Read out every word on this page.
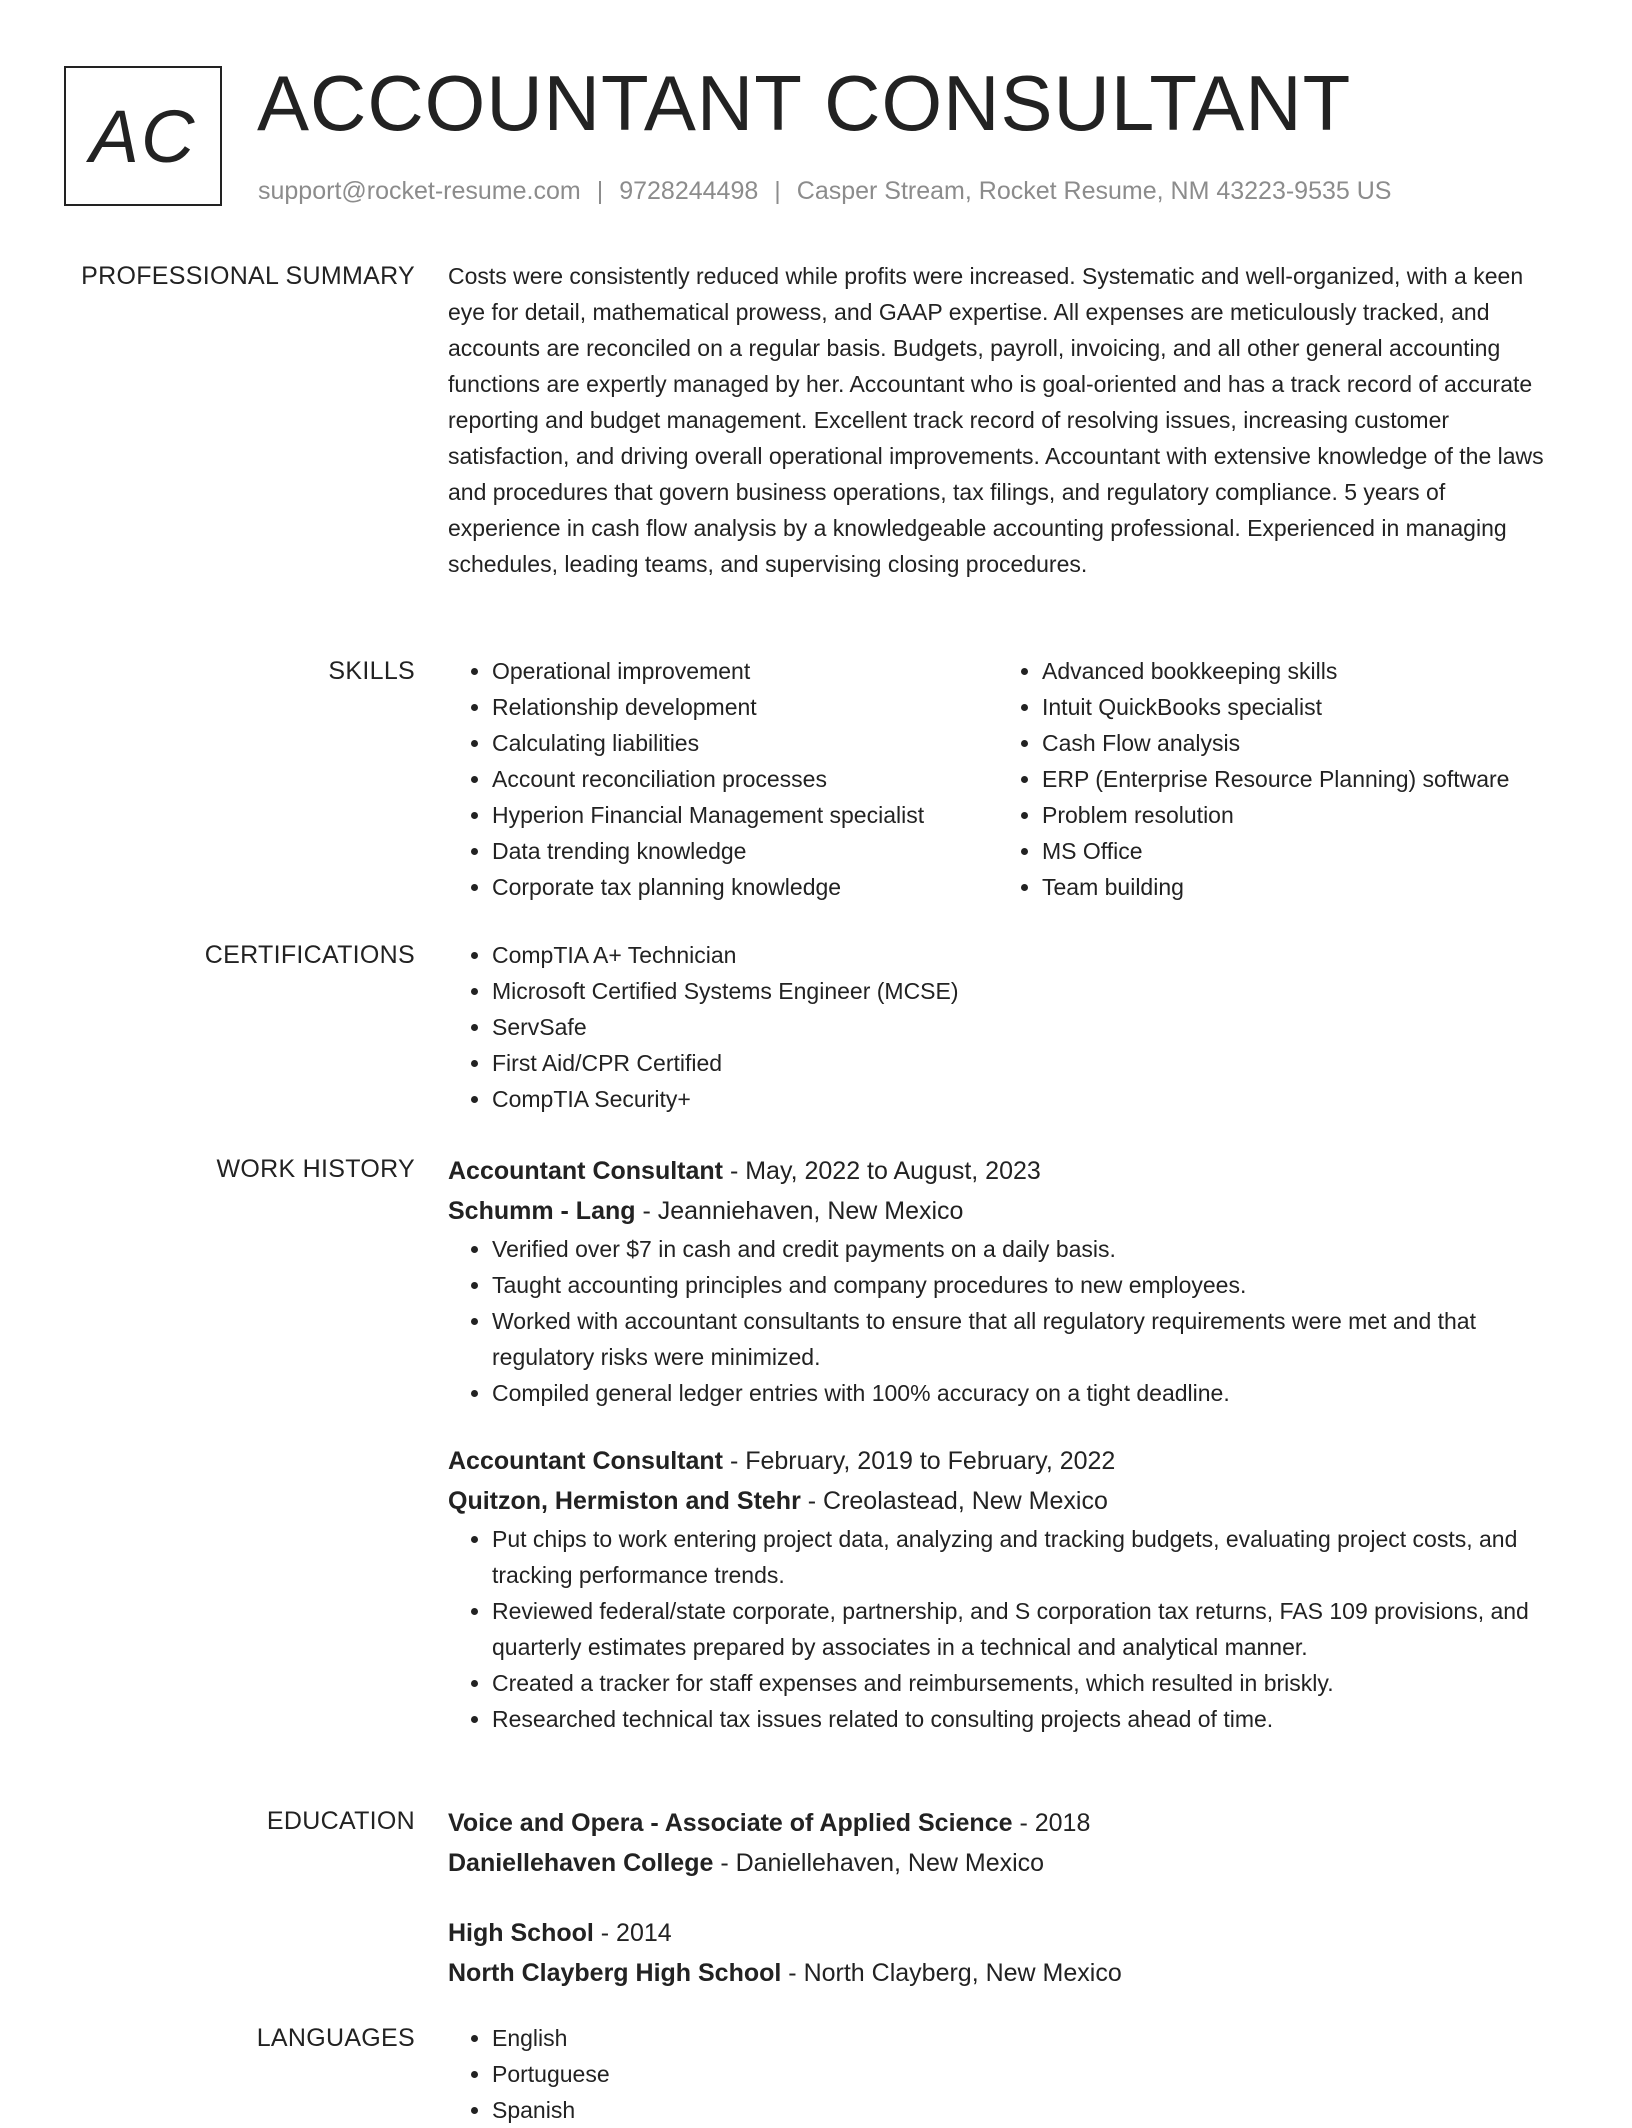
AC ACCOUNTANT CONSULTANT
support@rocket-resume.com | 9728244498 | Casper Stream, Rocket Resume, NM 43223-9535 US
PROFESSIONAL SUMMARY Costs were consistently reduced while profits were increased. Systematic and well-organized, with a keen eye for detail, mathematical prowess, and GAAP expertise. All expenses are meticulously tracked, and accounts are reconciled on a regular basis. Budgets, payroll, invoicing, and all other general accounting functions are expertly managed by her. Accountant who is goal-oriented and has a track record of accurate reporting and budget management. Excellent track record of resolving issues, increasing customer satisfaction, and driving overall operational improvements. Accountant with extensive knowledge of the laws and procedures that govern business operations, tax filings, and regulatory compliance. 5 years of experience in cash flow analysis by a knowledgeable accounting professional. Experienced in managing schedules, leading teams, and supervising closing procedures.

SKILLS	• Operational improvement
• Relationship development
• Calculating liabilities
• Account reconciliation processes
• Hyperion Financial Management specialist
• Data trending knowledge
• Corporate tax planning knowledge
• Advanced bookkeeping skills
• Intuit QuickBooks specialist
• Cash Flow analysis
• ERP (Enterprise Resource Planning) software
• Problem resolution
• MS Office
• Team building
CERTIFICATIONS	• CompTIA A+ Technician
• Microsoft Certified Systems Engineer (MCSE)
• ServSafe
• First Aid/CPR Certified
• CompTIA Security+
WORK HISTORY Accountant Consultant - May, 2022 to August, 2023
Schumm - Lang - Jeanniehaven, New Mexico
• Verified over $7 in cash and credit payments on a daily basis.
• Taught accounting principles and company procedures to new employees.
• Worked with accountant consultants to ensure that all regulatory requirements were met and that regulatory risks were minimized.
• Compiled general ledger entries with 100% accuracy on a tight deadline.
Accountant Consultant - February, 2019 to February, 2022
Quitzon, Hermiston and Stehr - Creolastead, New Mexico
• Put chips to work entering project data, analyzing and tracking budgets, evaluating project costs, and tracking performance trends.
• Reviewed federal/state corporate, partnership, and S corporation tax returns, FAS 109 provisions, and quarterly estimates prepared by associates in a technical and analytical manner.
• Created a tracker for staff expenses and reimbursements, which resulted in briskly.
• Researched technical tax issues related to consulting projects ahead of time.
EDUCATION Voice and Opera - Associate of Applied Science - 2018
Daniellehaven College - Daniellehaven, New Mexico
High School - 2014
North Clayberg High School - North Clayberg, New Mexico
LANGUAGES	• English
• Portuguese
• Spanish
